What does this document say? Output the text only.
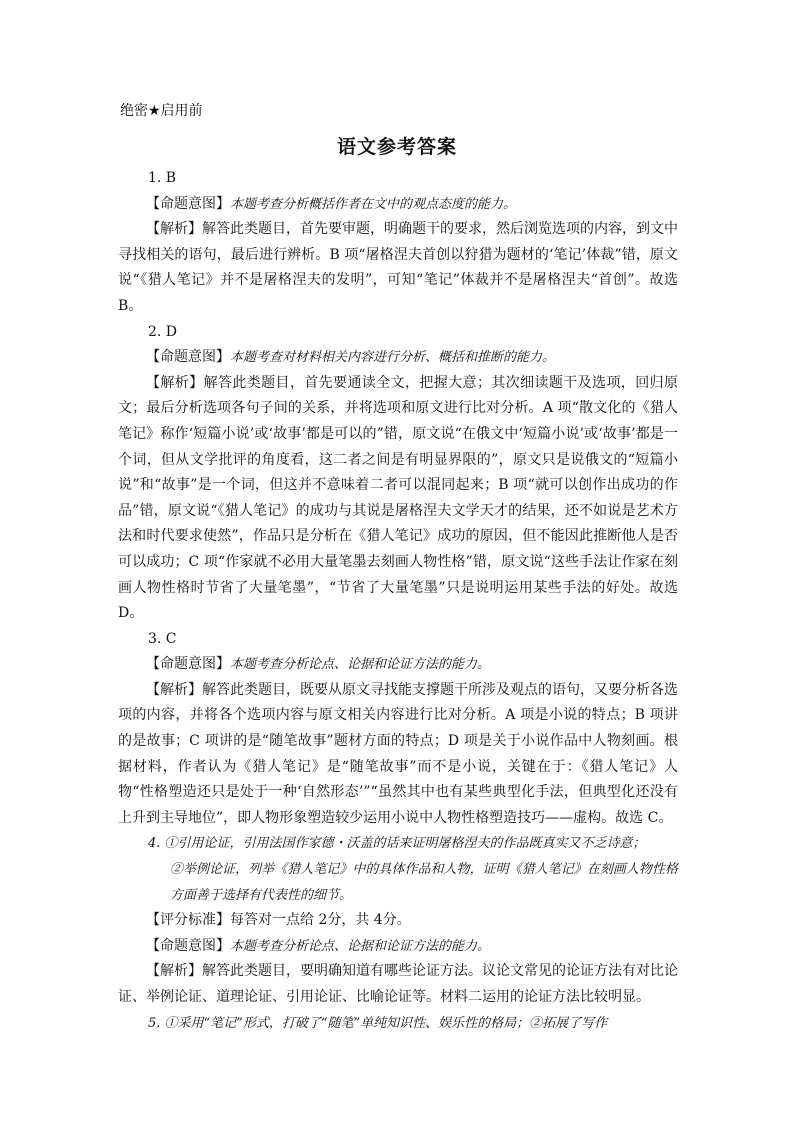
绝密★启用前
语文参考答案

1. B

【命题意图】本题考查分析概括作者在文中的观点态度的能力。

【解析】解答此类题目，首先要审题，明确题干的要求，然后浏览选项的内容，到文中寻找相关的语句，最后进行辨析。B 项“屠格涅夫首创以狩猎为题材的‘笔记’体裁”错，原文说“《猎人笔记》并不是屠格涅夫的发明”，可知“笔记”体裁并不是屠格涅夫“首创”。故选 B。

2. D

【命题意图】本题考查对材料相关内容进行分析、概括和推断的能力。

【解析】解答此类题目，首先要通读全文，把握大意；其次细读题干及选项，回归原文；最后分析选项各句子间的关系，并将选项和原文进行比对分析。A 项“散文化的《猎人笔记》称作‘短篇小说’或‘故事’都是可以的”错，原文说“在俄文中‘短篇小说’或‘故事’都是一个词，但从文学批评的角度看，这二者之间是有明显界限的”，原文只是说俄文的“短篇小说”和“故事”是一个词，但这并不意味着二者可以混同起来；B 项“就可以创作出成功的作品”错，原文说“《猎人笔记》的成功与其说是屠格涅夫文学天才的结果，还不如说是艺术方法和时代要求使然”，作品只是分析在《猎人笔记》成功的原因，但不能因此推断他人是否可以成功；C 项“作家就不必用大量笔墨去刻画人物性格”错，原文说“这些手法让作家在刻画人物性格时节省了大量笔墨”，“节省了大量笔墨”只是说明运用某些手法的好处。故选 D。

3. C

【命题意图】本题考查分析论点、论据和论证方法的能力。

【解析】解答此类题目，既要从原文寻找能支撑题干所涉及观点的语句，又要分析各选项的内容，并将各个选项内容与原文相关内容进行比对分析。A 项是小说的特点；B 项讲的是故事；C 项讲的是“随笔故事”题材方面的特点；D 项是关于小说作品中人物刻画。根据材料，作者认为《猎人笔记》是“随笔故事”而不是小说，关键在于：《猎人笔记》人物“性格塑造还只是处于一种‘自然形态’”“虽然其中也有某些典型化手法，但典型化还没有上升到主导地位”，即人物形象塑造较少运用小说中人物性格塑造技巧——虚构。故选 C。

4. ①引用论证，引用法国作家德・沃盖的话来证明屠格涅夫的作品既真实又不乏诗意；
②举例论证，列举《猎人笔记》中的具体作品和人物，证明《猎人笔记》在刻画人物性格方面善于选择有代表性的细节。

【评分标准】每答对一点给 2分，共 4分。

【命题意图】本题考查分析论点、论据和论证方法的能力。

【解析】解答此类题目，要明确知道有哪些论证方法。议论文常见的论证方法有对比论证、举例论证、道理论证、引用论证、比喻论证等。材料二运用的论证方法比较明显。

5. ①采用“笔记”形式，打破了“随笔”单纯知识性、娱乐性的格局；②拓展了写作
